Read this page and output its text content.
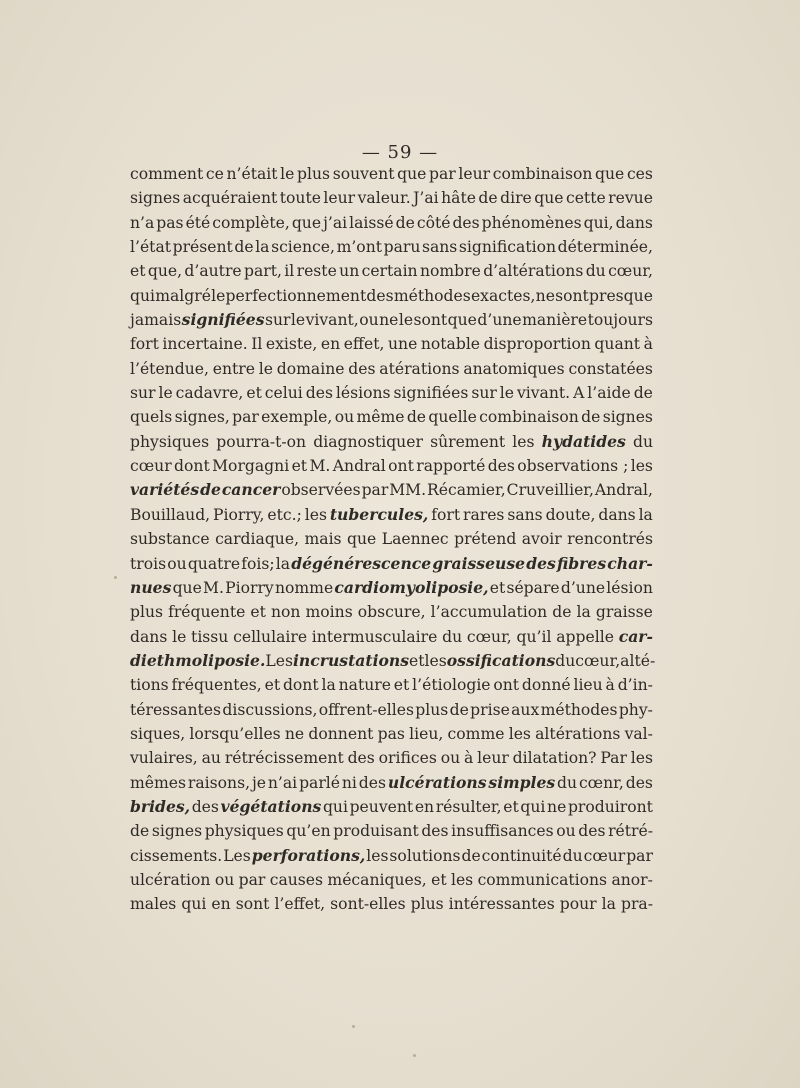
— 59 —
comment ce n’était le plus souvent que par leur combinaison que ces
signes acquéraient toute leur valeur. J’ai hâte de dire que cette revue
n’a pas été complète, que j’ai laissé de côté des phénomènes qui, dans
l’état présent de la science, m’ont paru sans signification déterminée,
et que, d’autre part, il reste un certain nombre d’altérations du cœur,
qui malgré le perfectionnement des méthodes exactes, ne sont presque
jamais signifiées sur le vivant, ou ne le sont que d’une manière toujours
fort incertaine. Il existe, en effet, une notable disproportion quant à
l’étendue, entre le domaine des atérations anatomiques constatées
sur le cadavre, et celui des lésions signifiées sur le vivant. A l’aide de
quels signes, par exemple, ou même de quelle combinaison de signes
physiques pourra-t-on diagnostiquer sûrement les hydatides du
cœur dont Morgagni et M. Andral ont rapporté des observations ; les
variétés de cancer observées par MM. Récamier, Cruveillier, Andral,
Bouillaud, Piorry, etc.; les tubercules, fort rares sans doute, dans la
substance cardiaque, mais que Laennec prétend avoir rencontrés
trois ou quatre fois; la dégénérescence graisseuse des fibres char-
nues que M. Piorry nomme cardiomyoliposie, et sépare d’une lésion
plus fréquente et non moins obscure, l’accumulation de la graisse
dans le tissu cellulaire intermusculaire du cœur, qu’il appelle car-
diethmoliposie. Les incrustations et les ossifications du cœur, alté-
tions fréquentes, et dont la nature et l’étiologie ont donné lieu à d’in-
téressantes discussions, offrent-elles plus de prise aux méthodes phy-
siques, lorsqu’elles ne donnent pas lieu, comme les altérations val-
vulaires, au rétrécissement des orifices ou à leur dilatation? Par les
mêmes raisons, je n’ai parlé ni des ulcérations simples du cœnr, des
brides, des végétations qui peuvent en résulter, et qui ne produiront
de signes physiques qu’en produisant des insuffisances ou des rétré-
cissements. Les perforations, les solutions de continuité du cœur par
ulcération ou par causes mécaniques, et les communications anor-
males qui en sont l’effet, sont-elles plus intéressantes pour la pra-
